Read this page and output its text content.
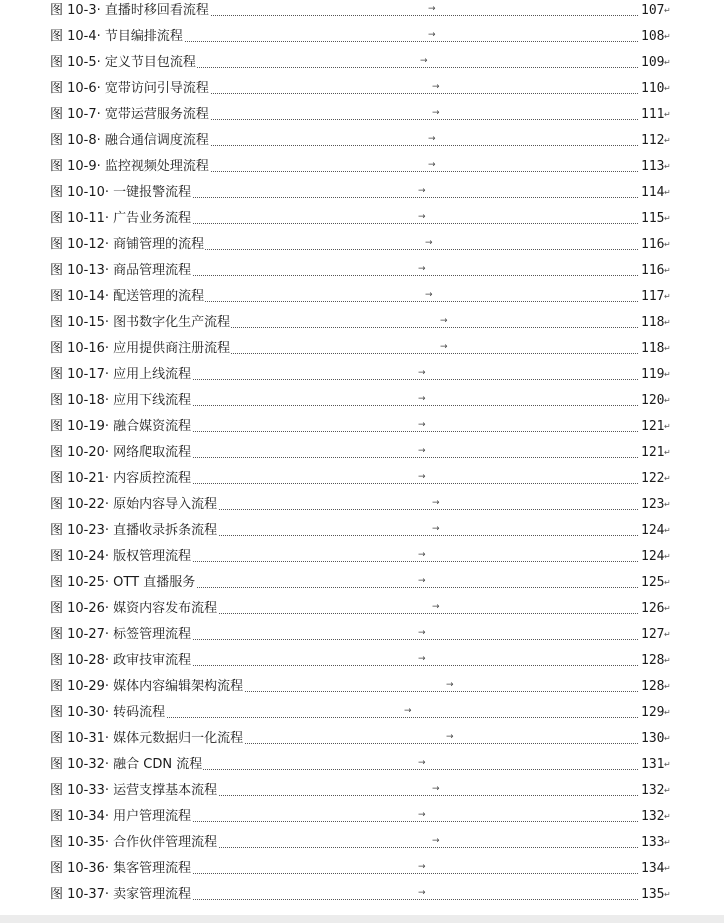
图 10-3· 直播时移回看流程	→	107 ↵
图 10-4· 节目编排流程	→	108 ↵
图 10-5· 定义节目包流程	→	109 ↵
图 10-6· 宽带访问引导流程	→	110 ↵
图 10-7· 宽带运营服务流程	→	111 ↵
图 10-8· 融合通信调度流程	→	112 ↵
图 10-9· 监控视频处理流程	→	113 ↵
图 10-10· 一键报警流程	→	114 ↵
图 10-11· 广告业务流程	→	115 ↵
图 10-12· 商铺管理的流程	→	116 ↵
图 10-13· 商品管理流程	→	116 ↵
图 10-14· 配送管理的流程	→	117 ↵
图 10-15· 图书数字化生产流程	→	118 ↵
图 10-16· 应用提供商注册流程	→	118 ↵
图 10-17· 应用上线流程	→	119 ↵
图 10-18· 应用下线流程	→	120 ↵
图 10-19· 融合媒资流程	→	121 ↵
图 10-20· 网络爬取流程	→	121 ↵
图 10-21· 内容质控流程	→	122 ↵
图 10-22· 原始内容导入流程	→	123 ↵
图 10-23· 直播收录拆条流程	→	124 ↵
图 10-24· 版权管理流程	→	124 ↵
图 10-25· OTT 直播服务	→	125 ↵
图 10-26· 媒资内容发布流程	→	126 ↵
图 10-27· 标签管理流程	→	127 ↵
图 10-28· 政审技审流程	→	128 ↵
图 10-29· 媒体内容编辑架构流程	→	128 ↵
图 10-30· 转码流程	→	129 ↵
图 10-31· 媒体元数据归一化流程	→	130 ↵
图 10-32· 融合 CDN 流程	→	131 ↵
图 10-33· 运营支撑基本流程	→	132 ↵
图 10-34· 用户管理流程	→	132 ↵
图 10-35· 合作伙伴管理流程	→	133 ↵
图 10-36· 集客管理流程	→	134 ↵
图 10-37· 卖家管理流程	→	135 ↵
